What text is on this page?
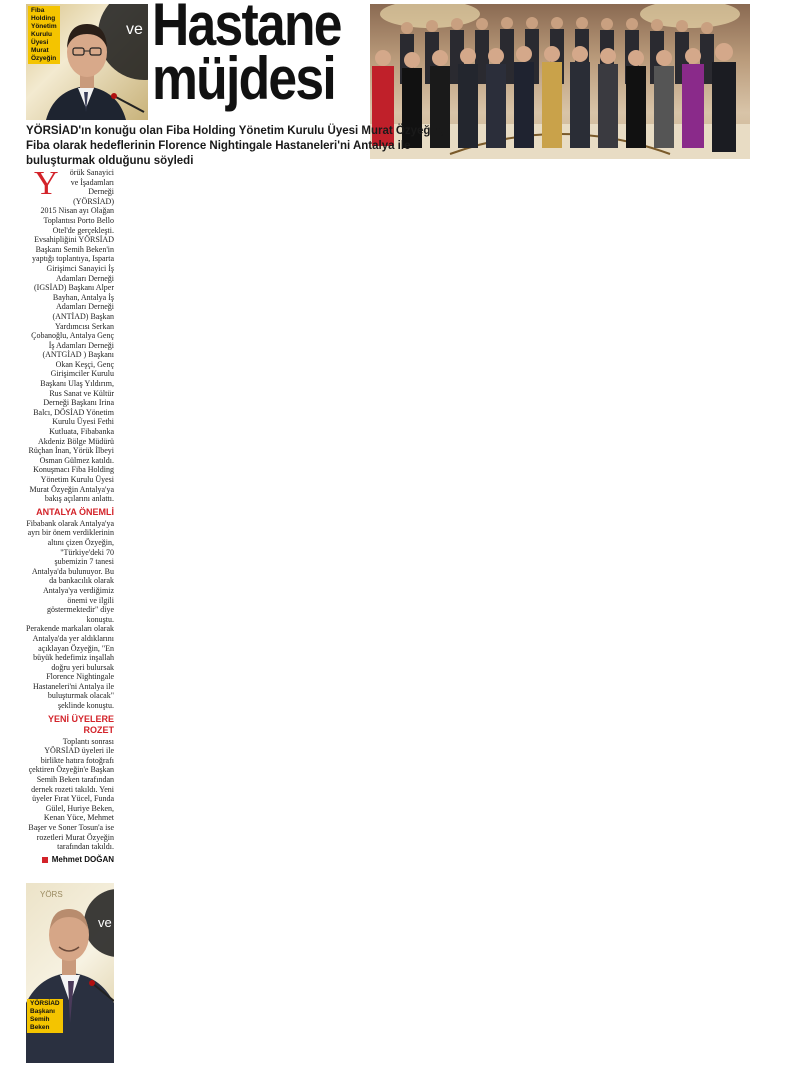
ve
Fiba
Holding
Yönetim
Kurulu
Üyesi
Murat
Özyeğin
Hastane
müjdesi
YÖRSİAD'ın konuğu olan Fiba Holding Yönetim Kurulu Üyesi Murat Özyeğin, Fiba olarak hedeflerinin Florence Nightingale Hastaneleri'ni Antalya ile buluşturmak olduğunu söyledi
Y	örük Sanayici ve İşadamları Derneği (YÖRSİAD) 2015 Nisan ayı Olağan Toplantısı Porto Bello Otel'de gerçekleşti. Evsahipliğini YÖRSİAD Başkanı Semih Beken'in yaptığı toplantıya, Isparta Girişimci Sanayici İş Adamları Derneği (IGSİAD) Başkanı Alper Bayhan, Antalya İş Adamları Derneği (ANTİAD) Başkan Yardımcısı Serkan Çobanoğlu, Antalya Genç İş Adamları Derneği (ANTGİAD ) Başkanı Okan Keşçi, Genç Girişimciler Kurulu Başkanı Ulaş Yıldırım, Rus Sanat ve Kültür Derneği Başkanı Irina Balcı, DÖSİAD Yönetim Kurulu Üyesi Fethi Kutluata, Fibabanka Akdeniz Bölge Müdürü Rüçhan İnan, Yörük İlbeyi Osman Gülmez katıldı.

Konuşmacı Fiba Holding Yönetim Kurulu Üyesi Murat Özyeğin Antalya'ya bakış açılarını anlattı.

ANTALYA ÖNEMLİ

Fibabank olarak Antalya'ya ayrı bir önem verdiklerinin altını çizen Özyeğin, "Türkiye'deki 70 şubemizin 7 tanesi Antalya'da bulunuyor. Bu da bankacılık olarak Antalya'ya verdiğimiz önemi ve ilgili göstermektedir" diye konuştu.

Perakende markaları olarak Antalya'da yer aldıklarını açıklayan Özyeğin, "En büyük hedefimiz inşallah doğru yeri bulursak Florence Nightingale Hastaneleri'ni Antalya ile buluşturmak olacak" şeklinde konuştu.

YENİ ÜYELERE ROZET

Toplantı sonrası YÖRSİAD üyeleri ile birlikte hatıra fotoğrafı çektiren Özyeğin'e Başkan Semih Beken tarafından dernek rozeti takıldı. Yeni üyeler Fırat Yücel, Funda Gülel, Huriye Beken, Kenan Yüce, Mehmet Başer ve Soner Tosun'a ise rozetleri Murat Özyeğin tarafından takıldı.

Mehmet DOĞAN
YÖRS
ve
YÖRSİAD
Başkanı
Semih
Beken
